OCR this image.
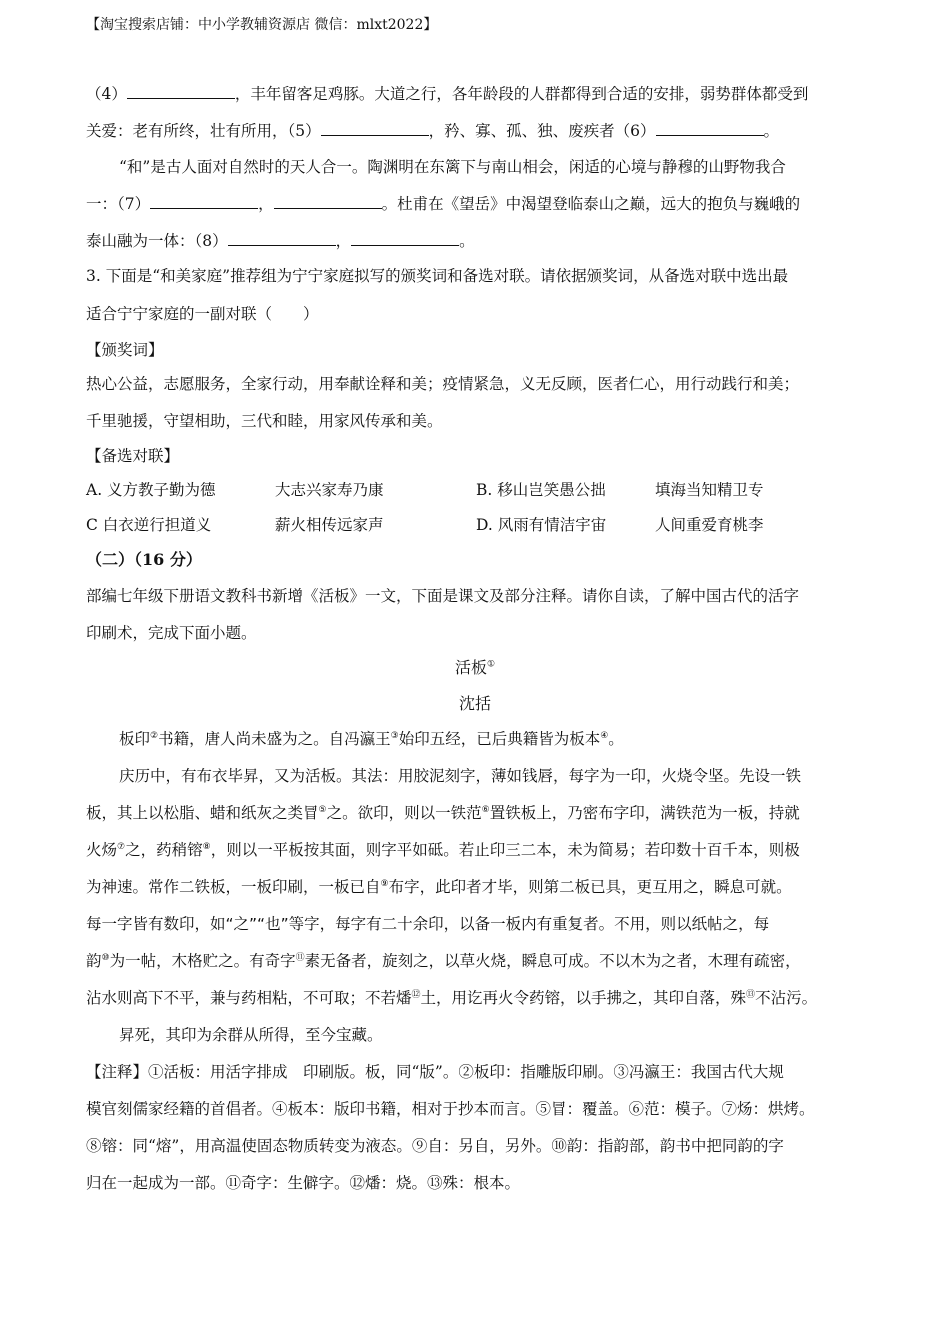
【淘宝搜索店铺：中小学教辅资源店 微信：mlxt2022】
（4）	，丰年留客足鸡豚。大道之行，各年龄段的人群都得到合适的安排，弱势群体都受到
关爱：老有所终，壮有所用，（5）	，矜、寡、孤、独、废疾者（6）	。
“和”是古人面对自然时的天人合一。陶渊明在东篱下与南山相会，闲适的心境与静穆的山野物我合
一：（7）	，	。杜甫在《望岳》中渴望登临泰山之巅，远大的抱负与巍峨的
泰山融为一体：（8）	，	。
3. 下面是“和美家庭”推荐组为宁宁家庭拟写的颁奖词和备选对联。请依据颁奖词，从备选对联中选出最
适合宁宁家庭的一副对联（　　）
【颁奖词】
热心公益，志愿服务，全家行动，用奉献诠释和美；疫情紧急，义无反顾，医者仁心，用行动践行和美；
千里驰援，守望相助，三代和睦，用家风传承和美。
【备选对联】
A. 义方教子勤为德	大志兴家寿乃康	B. 移山岂笑愚公拙	填海当知精卫专
C 白衣逆行担道义	薪火相传远家声	D. 风雨有情洁宇宙	人间重爱育桃李
（二）（16 分）
部编七年级下册语文教科书新增《活板》一文，下面是课文及部分注释。请你自读，了解中国古代的活字
印刷术，完成下面小题。
活板①
沈括
板印②书籍，唐人尚未盛为之。自冯瀛王③始印五经，已后典籍皆为板本④。
庆历中，有布衣毕昇，又为活板。其法：用胶泥刻字，薄如钱唇，每字为一印，火烧令坚。先设一铁
板，其上以松脂、蜡和纸灰之类冒⑤之。欲印，则以一铁范⑥置铁板上，乃密布字印，满铁范为一板，持就
火炀⑦之，药稍镕⑧，则以一平板按其面，则字平如砥。若止印三二本，未为简易；若印数十百千本，则极
为神速。常作二铁板，一板印刷，一板已自⑨布字，此印者才毕，则第二板已具，更互用之，瞬息可就。
每一字皆有数印，如“之”“也”等字，每字有二十余印，以备一板内有重复者。不用，则以纸帖之，每
韵⑩为一帖，木格贮之。有奇字⑪素无备者，旋刻之，以草火烧，瞬息可成。不以木为之者，木理有疏密，
沾水则高下不平，兼与药相粘，不可取；不若燔⑫土，用讫再火令药镕，以手拂之，其印自落，殊⑬不沾污。
昇死，其印为余群从所得，至今宝藏。
【注释】①活板：用活字排成　印刷版。板，同“版”。②板印：指雕版印刷。③冯瀛王：我国古代大规
模官刻儒家经籍的首倡者。④板本：版印书籍，相对于抄本而言。⑤冒：覆盖。⑥范：模子。⑦炀：烘烤。
⑧镕：同“熔”，用高温使固态物质转变为液态。⑨自：另自，另外。⑩韵：指韵部，韵书中把同韵的字
归在一起成为一部。⑪奇字：生僻字。⑫燔：烧。⑬殊：根本。
